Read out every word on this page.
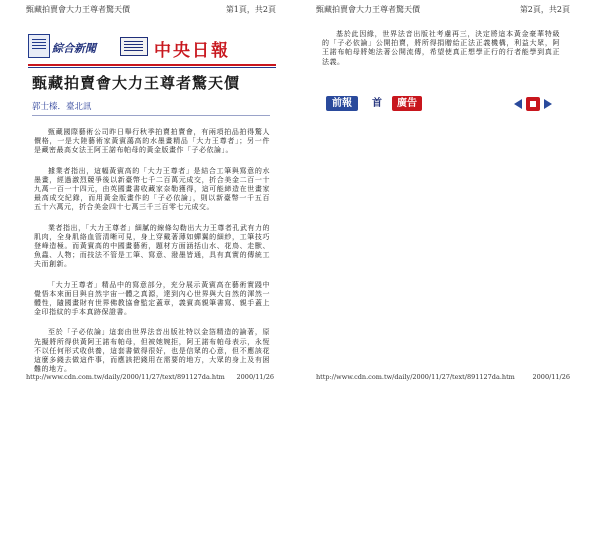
甄藏拍賣會大力王尊者驚天價	第1頁，共2頁
綜合新聞	中央日報
甄藏拍賣會大力王尊者驚天價
郭士榛．臺北訊

甄藏國際藝術公司昨日舉行秋季拍賣拍賣會，有兩項拍品拍得驚人價格，一是大陸藝術家黃賓藹高的水墨畫精品「大力王尊者」；另一件是藏密最高女法王阿王諾布帕母的黃金版畫作「子必依論」。

據業者指出，這幅黃賓高的「大力王尊者」是結合工筆與寫意的水墨畫，經過激烈競爭後以新臺幣七千二百萬元成交，折合美金二百一十九萬一百一十四元，由英國畫書收藏家奈勒獲得，這可能締造在世畫家最高成交紀錄，而用黃金版畫作的「子必依論」，則以新臺幣一千五百五十六萬元，折合美金四十七萬三千三百零七元成交。

業者指出，「大力王尊者」細膩的線條勾勒出大力王尊者孔武有力的肌肉，全身肌絡血管清晰可見，身上穿戴著薄如蟬翼的細紗，工筆技巧登峰造極。而黃賓高的中國畫藝術，題材方面涵括山水、花鳥、走獸、魚蟲、人物；而技法不管是工筆、寫意、潑墨皆通，具有真實的傳統工夫而創新。

「大力王尊者」精品中的寫意部分，充分展示黃賓高在藝術實踐中覺悟本來面目與自然宇宙一體之真源，達到內心世界與大自然的渾然一體性，隨國畫財有世界佛教協會監定蓋章，義賓高親筆書寫、親手蓋上金印指紋的手本真跡保證書。

至於「子必依論」這套由世界法音出版社特以金箔精造的論著，原先擬將所得供黃阿王諾布帕母，但被她婉拒，阿王諾布帕母表示，永恆不以任何形式收供養，這套書做得很好，也是信眾的心意，但不應該花這麼多錢去做這件事，而應該把錢用在需要的地方，大眾的身上及有困難的地方。

http://www.cdn.com.tw/daily/2000/11/27/text/891127da.htm 2000/11/26
甄藏拍賣會大力王尊者驚天價	第2頁，共2頁

基於此因緣，世界法音出版社考慮再三，決定將這本黃金豪華特級的「子必依論」公開拍賣，將所得捐贈給正法正義機構，利益大眾，阿王諾布帕母將她法著公開流傳，希望使真正想學正行的行者能學到真正法義。

前報	首	廣告
http://www.cdn.com.tw/daily/2000/11/27/text/891127da.htm	2000/11/26
